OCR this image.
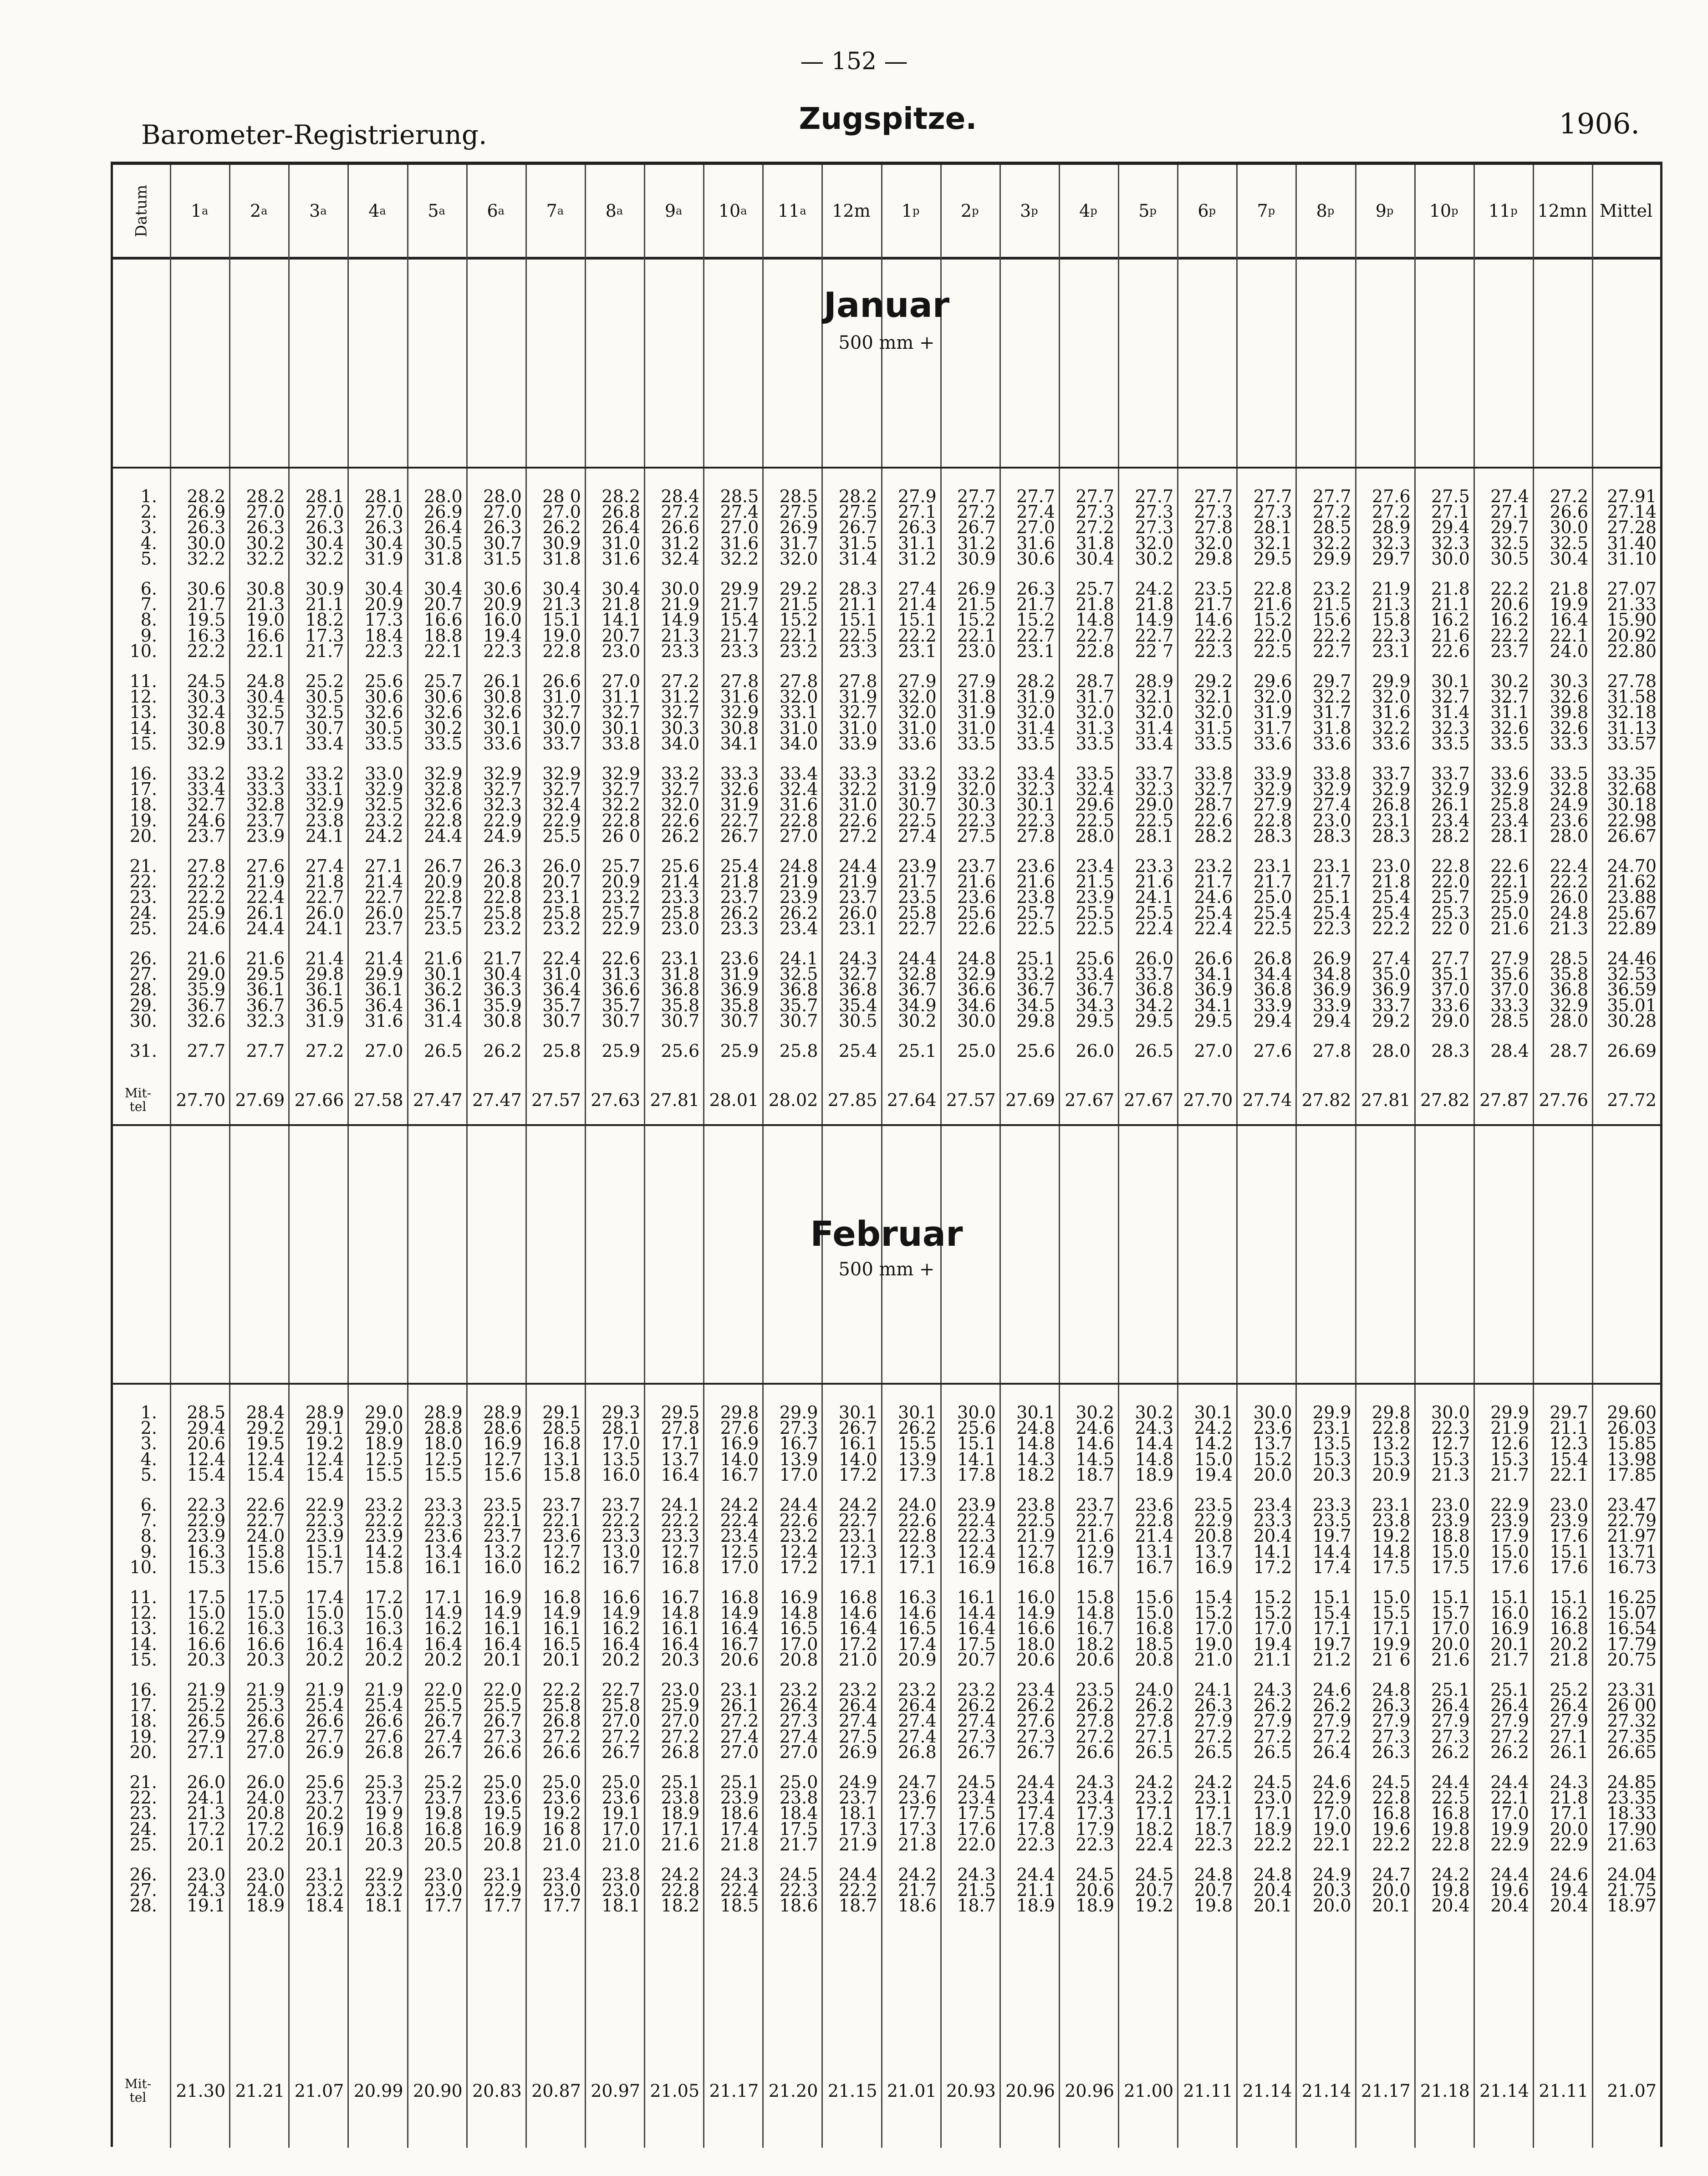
— 152 —
Barometer-Registrierung.	Zugspitze.	1906.
Datum 1 a 2 a 3 a 4 a 5 a 6 a 7 a 8 a 9 a 10 a 11 a 12m 1 p 2 p 3 p 4 p 5 p 6 p 7 p 8 p 9 p 10 p 11 p 12mn Mittel
Januar
500 mm +
1.	28.2	28.2	28.1	28.1	28.0	28.0	28 0	28.2	28.4	28.5	28.5	28.2	27.9	27.7	27.7	27.7	27.7	27.7	27.7	27.7	27.6	27.5	27.4	27.2	27.91
2.	26.9	27.0	27.0	27.0	26.9	27.0	27.0	26.8	27.2	27.4	27.5	27.5	27.1	27.2	27.4	27.3	27.3	27.3	27.3	27.2	27.2	27.1	27.1	26.6	27.14
3.	26.3	26.3	26.3	26.3	26.4	26.3	26.2	26.4	26.6	27.0	26.9	26.7	26.3	26.7	27.0	27.2	27.3	27.8	28.1	28.5	28.9	29.4	29.7	30.0	27.28
4.	30.0	30.2	30.4	30.4	30.5	30.7	30.9	31.0	31.2	31.6	31.7	31.5	31.1	31.2	31.6	31.8	32.0	32.0	32.1	32.2	32.3	32.3	32.5	32.5	31.40
5.	32.2	32.2	32.2	31.9	31.8	31.5	31.8	31.6	32.4	32.2	32.0	31.4	31.2	30.9	30.6	30.4	30.2	29.8	29.5	29.9	29.7	30.0	30.5	30.4	31.10
6.	30.6	30.8	30.9	30.4	30.4	30.6	30.4	30.4	30.0	29.9	29.2	28.3	27.4	26.9	26.3	25.7	24.2	23.5	22.8	23.2	21.9	21.8	22.2	21.8	27.07
7.	21.7	21.3	21.1	20.9	20.7	20.9	21.3	21.8	21.9	21.7	21.5	21.1	21.4	21.5	21.7	21.8	21.8	21.7	21.6	21.5	21.3	21.1	20.6	19.9	21.33
8.	19.5	19.0	18.2	17.3	16.6	16.0	15.1	14.1	14.9	15.4	15.2	15.1	15.1	15.2	15.2	14.8	14.9	14.6	15.2	15.6	15.8	16.2	16.2	16.4	15.90
9.	16.3	16.6	17.3	18.4	18.8	19.4	19.0	20.7	21.3	21.7	22.1	22.5	22.2	22.1	22.7	22.7	22.7	22.2	22.0	22.2	22.3	21.6	22.2	22.1	20.92
10.	22.2	22.1	21.7	22.3	22.1	22.3	22.8	23.0	23.3	23.3	23.2	23.3	23.1	23.0	23.1	22.8	22 7	22.3	22.5	22.7	23.1	22.6	23.7	24.0	22.80
11.	24.5	24.8	25.2	25.6	25.7	26.1	26.6	27.0	27.2	27.8	27.8	27.8	27.9	27.9	28.2	28.7	28.9	29.2	29.6	29.7	29.9	30.1	30.2	30.3	27.78
12.	30.3	30.4	30.5	30.6	30.6	30.8	31.0	31.1	31.2	31.6	32.0	31.9	32.0	31.8	31.9	31.7	32.1	32.1	32.0	32.2	32.0	32.7	32.7	32.6	31.58
13.	32.4	32.5	32.5	32.6	32.6	32.6	32.7	32.7	32.7	32.9	33.1	32.7	32.0	31.9	32.0	32.0	32.0	32.0	31.9	31.7	31.6	31.4	31.1	39.8	32.18
14.	30.8	30.7	30.7	30.5	30.2	30.1	30.0	30.1	30.3	30.8	31.0	31.0	31.0	31.0	31.4	31.3	31.4	31.5	31.7	31.8	32.2	32.3	32.6	32.6	31.13
15.	32.9	33.1	33.4	33.5	33.5	33.6	33.7	33.8	34.0	34.1	34.0	33.9	33.6	33.5	33.5	33.5	33.4	33.5	33.6	33.6	33.6	33.5	33.5	33.3	33.57
16.	33.2	33.2	33.2	33.0	32.9	32.9	32.9	32.9	33.2	33.3	33.4	33.3	33.2	33.2	33.4	33.5	33.7	33.8	33.9	33.8	33.7	33.7	33.6	33.5	33.35
17.	33.4	33.3	33.1	32.9	32.8	32.7	32.7	32.7	32.7	32.6	32.4	32.2	31.9	32.0	32.3	32.4	32.3	32.7	32.9	32.9	32.9	32.9	32.9	32.8	32.68
18.	32.7	32.8	32.9	32.5	32.6	32.3	32.4	32.2	32.0	31.9	31.6	31.0	30.7	30.3	30.1	29.6	29.0	28.7	27.9	27.4	26.8	26.1	25.8	24.9	30.18
19.	24.6	23.7	23.8	23.2	22.8	22.9	22.9	22.8	22.6	22.7	22.8	22.6	22.5	22.3	22.3	22.5	22.5	22.6	22.8	23.0	23.1	23.4	23.4	23.6	22.98
20.	23.7	23.9	24.1	24.2	24.4	24.9	25.5	26 0	26.2	26.7	27.0	27.2	27.4	27.5	27.8	28.0	28.1	28.2	28.3	28.3	28.3	28.2	28.1	28.0	26.67
21.	27.8	27.6	27.4	27.1	26.7	26.3	26.0	25.7	25.6	25.4	24.8	24.4	23.9	23.7	23.6	23.4	23.3	23.2	23.1	23.1	23.0	22.8	22.6	22.4	24.70
22.	22.2	21.9	21.8	21.4	20.9	20.8	20.7	20.9	21.4	21.8	21.9	21.9	21.7	21.6	21.6	21.5	21.6	21.7	21.7	21.7	21.8	22.0	22.1	22.2	21.62
23.	22.2	22.4	22.7	22.7	22.8	22.8	23.1	23.2	23.3	23.7	23.9	23.7	23.5	23.6	23.8	23.9	24.1	24.6	25.0	25.1	25.4	25.7	25.9	26.0	23.88
24.	25.9	26.1	26.0	26.0	25.7	25.8	25.8	25.7	25.8	26.2	26.2	26.0	25.8	25.6	25.7	25.5	25.5	25.4	25.4	25.4	25.4	25.3	25.0	24.8	25.67
25.	24.6	24.4	24.1	23.7	23.5	23.2	23.2	22.9	23.0	23.3	23.4	23.1	22.7	22.6	22.5	22.5	22.4	22.4	22.5	22.3	22.2	22 0	21.6	21.3	22.89
26.	21.6	21.6	21.4	21.4	21.6	21.7	22.4	22.6	23.1	23.6	24.1	24.3	24.4	24.8	25.1	25.6	26.0	26.6	26.8	26.9	27.4	27.7	27.9	28.5	24.46
27.	29.0	29.5	29.8	29.9	30.1	30.4	31.0	31.3	31.8	31.9	32.5	32.7	32.8	32.9	33.2	33.4	33.7	34.1	34.4	34.8	35.0	35.1	35.6	35.8	32.53
28.	35.9	36.1	36.1	36.1	36.2	36.3	36.4	36.6	36.8	36.9	36.8	36.8	36.7	36.6	36.7	36.7	36.8	36.9	36.8	36.9	36.9	37.0	37.0	36.8	36.59
29.	36.7	36.7	36.5	36.4	36.1	35.9	35.7	35.7	35.8	35.8	35.7	35.4	34.9	34.6	34.5	34.3	34.2	34.1	33.9	33.9	33.7	33.6	33.3	32.9	35.01
30.	32.6	32.3	31.9	31.6	31.4	30.8	30.7	30.7	30.7	30.7	30.7	30.5	30.2	30.0	29.8	29.5	29.5	29.5	29.4	29.4	29.2	29.0	28.5	28.0	30.28
31.	27.7	27.7	27.2	27.0	26.5	26.2	25.8	25.9	25.6	25.9	25.8	25.4	25.1	25.0	25.6	26.0	26.5	27.0	27.6	27.8	28.0	28.3	28.4	28.7	26.69
Mit-tel	27.70 27.69 27.66 27.58 27.47 27.47 27.57 27.63 27.81 28.01 28.02 27.85 27.64 27.57 27.69 27.67 27.67 27.70 27.74 27.82 27.81 27.82 27.87 27.76	27.72
Februar
500 mm +
1.	28.5	28.4	28.9	29.0	28.9	28.9	29.1	29.3	29.5	29.8	29.9	30.1	30.1	30.0	30.1	30.2	30.2	30.1	30.0	29.9	29.8	30.0	29.9	29.7	29.60
2.	29.4	29.2	29.1	29.0	28.8	28.6	28.5	28.1	27.8	27.6	27.3	26.7	26.2	25.6	24.8	24.6	24.3	24.2	23.6	23.1	22.8	22.3	21.9	21.1	26.03
3.	20.6	19.5	19.2	18.9	18.0	16.9	16.8	17.0	17.1	16.9	16.7	16.1	15.5	15.1	14.8	14.6	14.4	14.2	13.7	13.5	13.2	12.7	12.6	12.3	15.85
4.	12.4	12.4	12.4	12.5	12.5	12.7	13.1	13.5	13.7	14.0	13.9	14.0	13.9	14.1	14.3	14.5	14.8	15.0	15.2	15.3	15.3	15.3	15.3	15.4	13.98
5.	15.4	15.4	15.4	15.5	15.5	15.6	15.8	16.0	16.4	16.7	17.0	17.2	17.3	17.8	18.2	18.7	18.9	19.4	20.0	20.3	20.9	21.3	21.7	22.1	17.85
6.	22.3	22.6	22.9	23.2	23.3	23.5	23.7	23.7	24.1	24.2	24.4	24.2	24.0	23.9	23.8	23.7	23.6	23.5	23.4	23.3	23.1	23.0	22.9	23.0	23.47
7.	22.9	22.7	22.3	22.2	22.3	22.1	22.1	22.2	22.2	22.4	22.6	22.7	22.6	22.4	22.5	22.7	22.8	22.9	23.3	23.5	23.8	23.9	23.9	23.9	22.79
8.	23.9	24.0	23.9	23.9	23.6	23.7	23.6	23.3	23.3	23.4	23.2	23.1	22.8	22.3	21.9	21.6	21.4	20.8	20.4	19.7	19.2	18.8	17.9	17.6	21.97
9.	16.3	15.8	15.1	14.2	13.4	13.2	12.7	13.0	12.7	12.5	12.4	12.3	12.3	12.4	12.7	12.9	13.1	13.7	14.1	14.4	14.8	15.0	15.0	15.1	13.71
10.	15.3	15.6	15.7	15.8	16.1	16.0	16.2	16.7	16.8	17.0	17.2	17.1	17.1	16.9	16.8	16.7	16.7	16.9	17.2	17.4	17.5	17.5	17.6	17.6	16.73
11.	17.5	17.5	17.4	17.2	17.1	16.9	16.8	16.6	16.7	16.8	16.9	16.8	16.3	16.1	16.0	15.8	15.6	15.4	15.2	15.1	15.0	15.1	15.1	15.1	16.25
12.	15.0	15.0	15.0	15.0	14.9	14.9	14.9	14.9	14.8	14.9	14.8	14.6	14.6	14.4	14.9	14.8	15.0	15.2	15.2	15.4	15.5	15.7	16.0	16.2	15.07
13.	16.2	16.3	16.3	16.3	16.2	16.1	16.1	16.2	16.1	16.4	16.5	16.4	16.5	16.4	16.6	16.7	16.8	17.0	17.0	17.1	17.1	17.0	16.9	16.8	16.54
14.	16.6	16.6	16.4	16.4	16.4	16.4	16.5	16.4	16.4	16.7	17.0	17.2	17.4	17.5	18.0	18.2	18.5	19.0	19.4	19.7	19.9	20.0	20.1	20.2	17.79
15.	20.3	20.3	20.2	20.2	20.2	20.1	20.1	20.2	20.3	20.6	20.8	21.0	20.9	20.7	20.6	20.6	20.8	21.0	21.1	21.2	21 6	21.6	21.7	21.8	20.75
16.	21.9	21.9	21.9	21.9	22.0	22.0	22.2	22.7	23.0	23.1	23.2	23.2	23.2	23.2	23.4	23.5	24.0	24.1	24.3	24.6	24.8	25.1	25.1	25.2	23.31
17.	25.2	25.3	25.4	25.4	25.5	25.5	25.8	25.8	25.9	26.1	26.4	26.4	26.4	26.2	26.2	26.2	26.2	26.3	26.2	26.2	26.3	26.4	26.4	26.4	26 00
18.	26.5	26.6	26.6	26.6	26.7	26.7	26.8	27.0	27.0	27.2	27.3	27.4	27.4	27.4	27.6	27.8	27.8	27.9	27.9	27.9	27.9	27.9	27.9	27.9	27.32
19.	27.9	27.8	27.7	27.6	27.4	27.3	27.2	27.2	27.2	27.4	27.4	27.5	27.4	27.3	27.3	27.2	27.1	27.2	27.2	27.2	27.3	27.3	27.2	27.1	27.35
20.	27.1	27.0	26.9	26.8	26.7	26.6	26.6	26.7	26.8	27.0	27.0	26.9	26.8	26.7	26.7	26.6	26.5	26.5	26.5	26.4	26.3	26.2	26.2	26.1	26.65
21.	26.0	26.0	25.6	25.3	25.2	25.0	25.0	25.0	25.1	25.1	25.0	24.9	24.7	24.5	24.4	24.3	24.2	24.2	24.5	24.6	24.5	24.4	24.4	24.3	24.85
22.	24.1	24.0	23.7	23.7	23.7	23.6	23.6	23.6	23.8	23.9	23.8	23.7	23.6	23.4	23.4	23.4	23.2	23.1	23.0	22.9	22.8	22.5	22.1	21.8	23.35
23.	21.3	20.8	20.2	19 9	19.8	19.5	19.2	19.1	18.9	18.6	18.4	18.1	17.7	17.5	17.4	17.3	17.1	17.1	17.1	17.0	16.8	16.8	17.0	17.1	18.33
24.	17.2	17.2	16.9	16.8	16.8	16.9	16 8	17.0	17.1	17.4	17.5	17.3	17.3	17.6	17.8	17.9	18.2	18.7	18.9	19.0	19.6	19.8	19.9	20.0	17.90
25.	20.1	20.2	20.1	20.3	20.5	20.8	21.0	21.0	21.6	21.8	21.7	21.9	21.8	22.0	22.3	22.3	22.4	22.3	22.2	22.1	22.2	22.8	22.9	22.9	21.63
26.	23.0	23.0	23.1	22.9	23.0	23.1	23.4	23.8	24.2	24.3	24.5	24.4	24.2	24.3	24.4	24.5	24.5	24.8	24.8	24.9	24.7	24.2	24.4	24.6	24.04
27.	24.3	24.0	23.2	23.2	23.0	22.9	23.0	23.0	22.8	22.4	22.3	22.2	21.7	21.5	21.1	20.6	20.7	20.7	20.4	20.3	20.0	19.8	19.6	19.4	21.75
28.	19.1	18.9	18.4	18.1	17.7	17.7	17.7	18.1	18.2	18.5	18.6	18.7	18.6	18.7	18.9	18.9	19.2	19.8	20.1	20.0	20.1	20.4	20.4	20.4	18.97
Mit-tel	21.30 21.21 21.07 20.99 20.90 20.83 20.87 20.97 21.05 21.17 21.20 21.15 21.01 20.93 20.96 20.96 21.00 21.11 21.14 21.14 21.17 21.18 21.14 21.11	21.07
